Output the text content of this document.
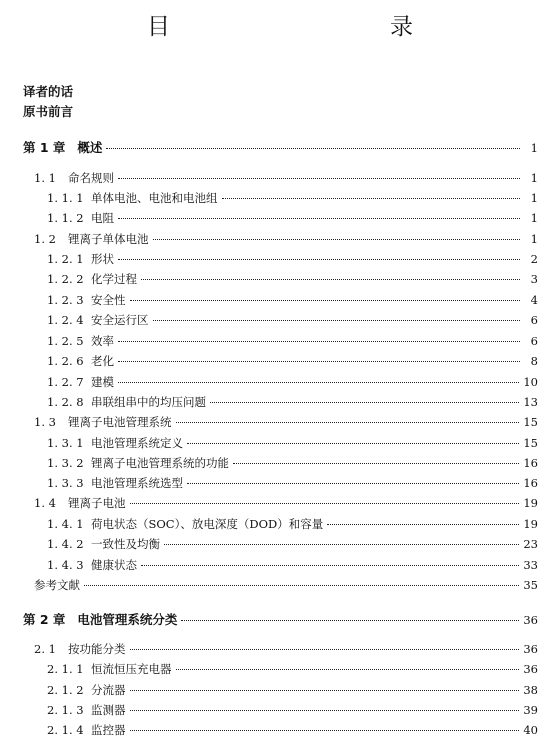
目　　录
译者的话
原书前言
第 1 章 概述	1
1. 1	命名规则	1
1. 1. 1 单体电池、电池和电池组	1
1. 1. 2 电阻	1
1. 2	锂离子单体电池	1
1. 2. 1 形状	2
1. 2. 2 化学过程	3
1. 2. 3 安全性	4
1. 2. 4 安全运行区	6
1. 2. 5 效率	6
1. 2. 6 老化	8
1. 2. 7 建模	10
1. 2. 8 串联组串中的均压问题	13
1. 3	锂离子电池管理系统	15
1. 3. 1 电池管理系统定义	15
1. 3. 2 锂离子电池管理系统的功能	16
1. 3. 3 电池管理系统选型	16
1. 4	锂离子电池	19
1. 4. 1 荷电状态（SOC）、放电深度（DOD）和容量	19
1. 4. 2 一致性及均衡	23
1. 4. 3 健康状态	33
参考文献	35
第 2 章 电池管理系统分类	36
2. 1	按功能分类	36
2. 1. 1 恒流恒压充电器	36
2. 1. 2 分流器	38
2. 1. 3 监测器	39
2. 1. 4 监控器	40
